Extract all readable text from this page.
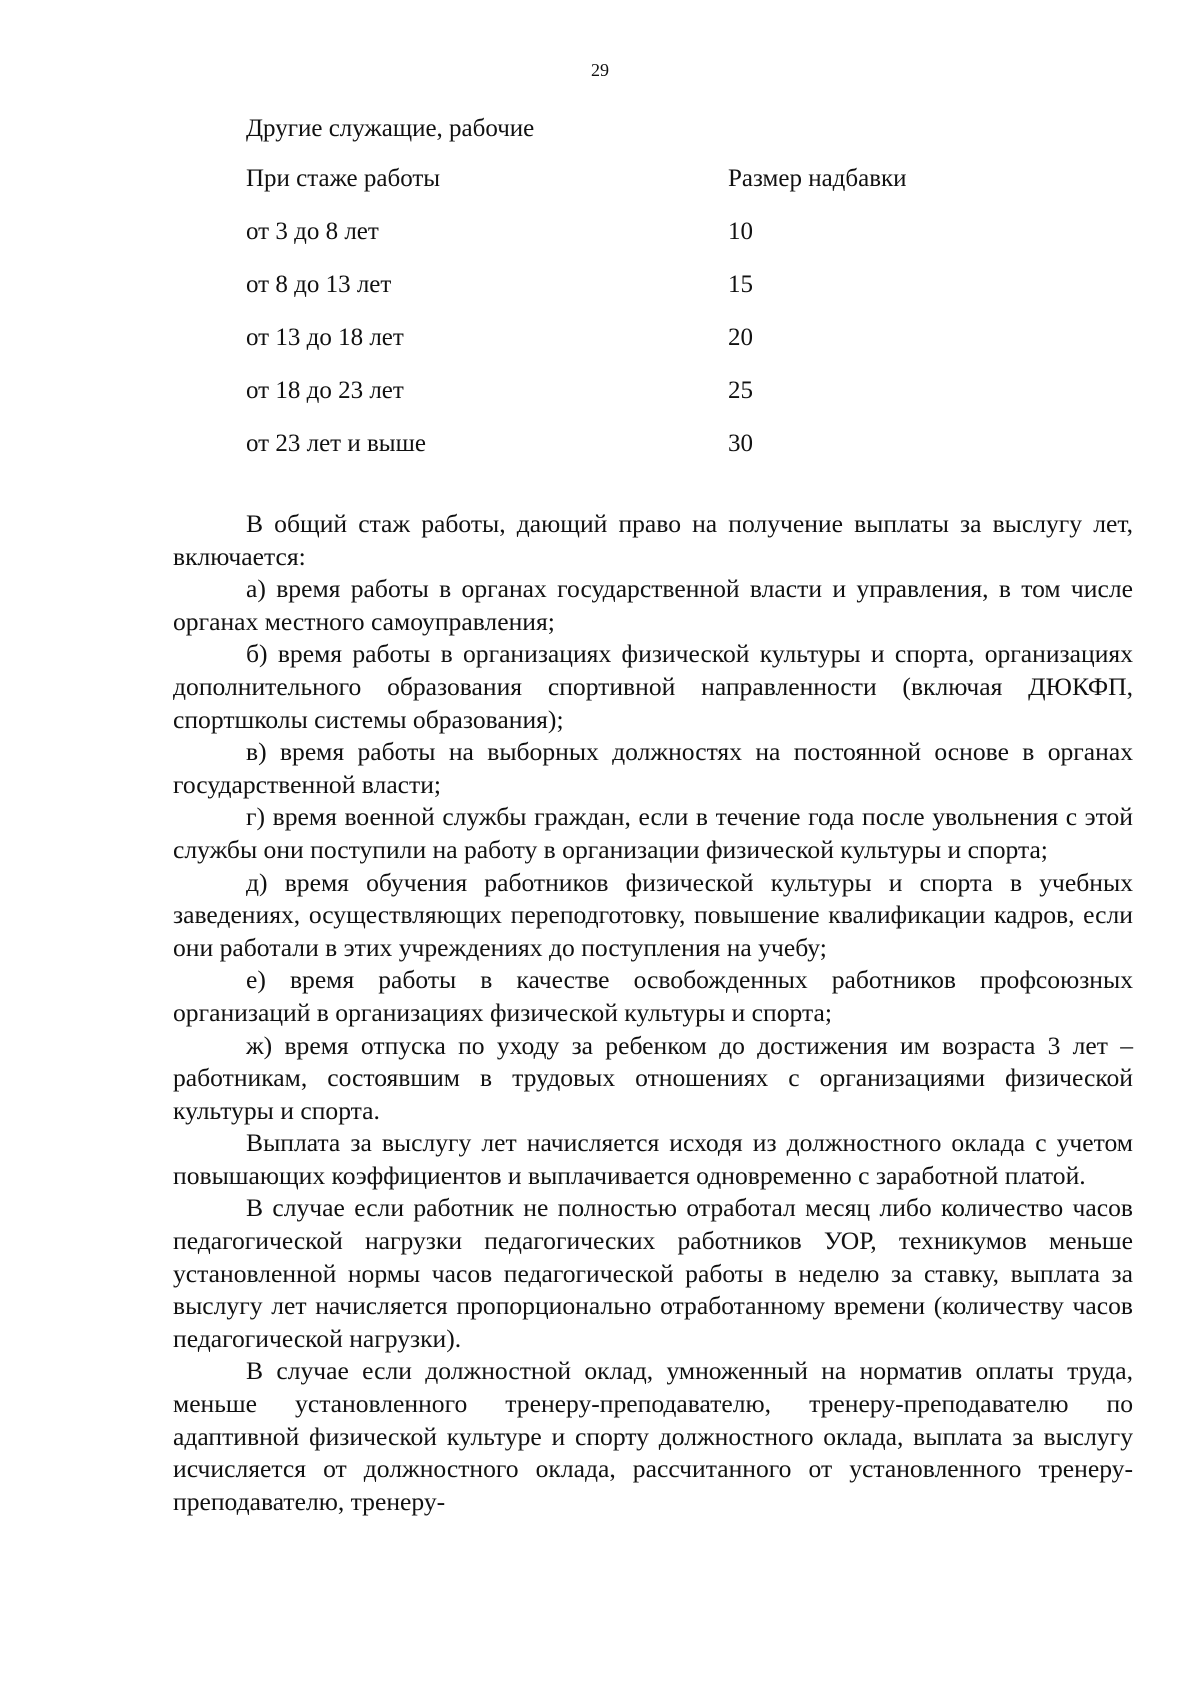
29
Другие служащие, рабочие
При стаже работы	Размер надбавки
от 3 до 8 лет	10
от 8 до 13 лет	15
от 13 до 18 лет	20
от 18 до 23 лет	25
от 23 лет и выше	30

В общий стаж работы, дающий право на получение выплаты за выслугу лет, включается:

а) время работы в органах государственной власти и управления, в том числе органах местного самоуправления;

б) время работы в организациях физической культуры и спорта, организациях дополнительного образования спортивной направленности (включая ДЮКФП, спортшколы системы образования);

в) время работы на выборных должностях на постоянной основе в органах государственной власти;

г) время военной службы граждан, если в течение года после увольнения с этой службы они поступили на работу в организации физической культуры и спорта;

д) время обучения работников физической культуры и спорта в учебных заведениях, осуществляющих переподготовку, повышение квалификации кадров, если они работали в этих учреждениях до поступления на учебу;

е) время работы в качестве освобожденных работников профсоюзных организаций в организациях физической культуры и спорта;

ж) время отпуска по уходу за ребенком до достижения им возраста 3 лет – работникам, состоявшим в трудовых отношениях с организациями физической культуры и спорта.

Выплата за выслугу лет начисляется исходя из должностного оклада с учетом повышающих коэффициентов и выплачивается одновременно с заработной платой.

В случае если работник не полностью отработал месяц либо количество часов педагогической нагрузки педагогических работников УОР, техникумов меньше установленной нормы часов педагогической работы в неделю за ставку, выплата за выслугу лет начисляется пропорционально отработанному времени (количеству часов педагогической нагрузки).

В случае если должностной оклад, умноженный на норматив оплаты труда, меньше установленного тренеру-преподавателю, тренеру-преподавателю по адаптивной физической культуре и спорту должностного оклада, выплата за выслугу исчисляется от должностного оклада, рассчитанного от установленного тренеру-преподавателю, тренеру-
